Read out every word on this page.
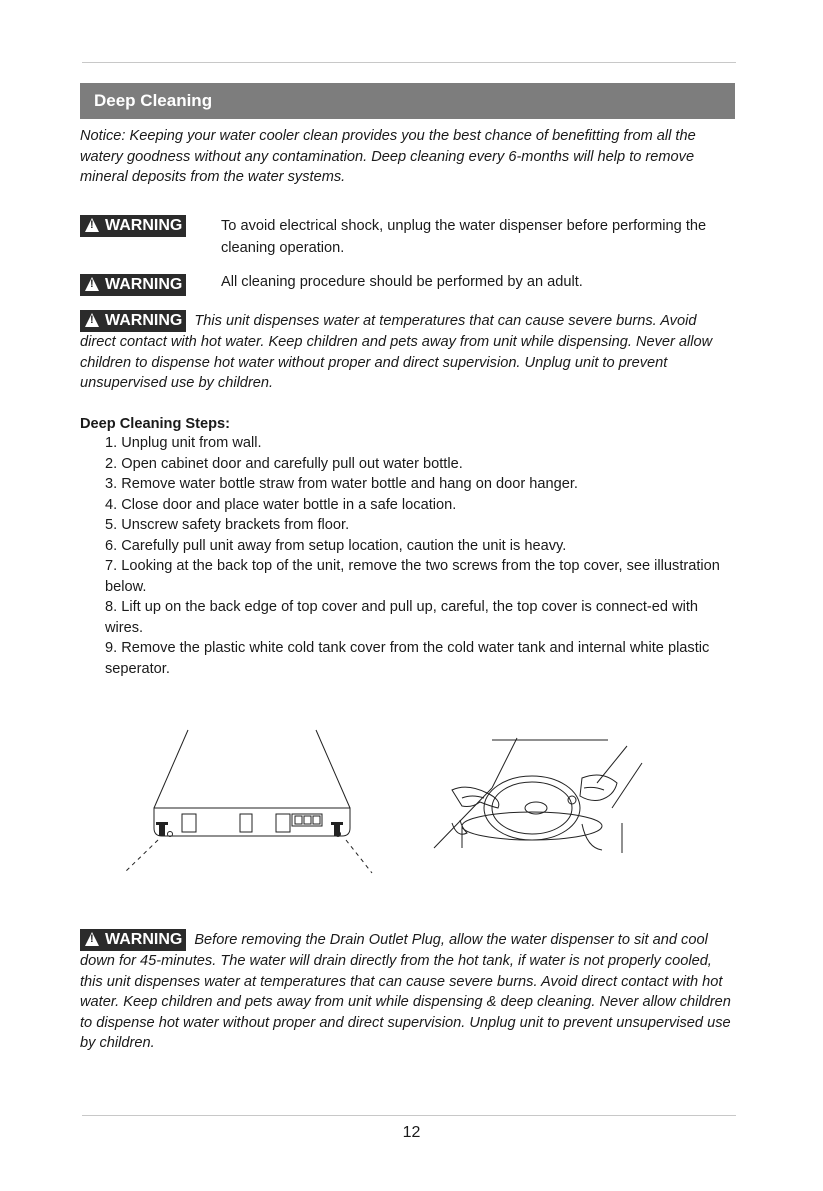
Deep Cleaning

Notice: Keeping your water cooler clean provides you the best chance of benefitting from all the watery goodness without any contamination. Deep cleaning every 6-months will help to remove mineral deposits from the water systems.

!WARNING	To avoid electrical shock, unplug the water dispenser before performing the cleaning operation.

!WARNING	All cleaning procedure should be performed by an adult.

!WARNING This unit dispenses water at temperatures that can cause severe burns. Avoid direct contact with hot water. Keep children and pets away from unit while dispensing. Never allow children to dispense hot water without proper and direct supervision. Unplug unit to prevent unsupervised use by children.

Deep Cleaning Steps:

1. Unplug unit from wall.
2. Open cabinet door and carefully pull out water bottle.
3. Remove water bottle straw from water bottle and hang on door hanger.
4. Close door and place water bottle in a safe location.
5. Unscrew safety brackets from floor.
6. Carefully pull unit away from setup location, caution the unit is heavy.
7. Looking at the back top of the unit, remove the two screws from the top cover, see illustration below.
8. Lift up on the back edge of top cover and pull up, careful, the top cover is connect-ed with wires.
9. Remove the plastic white cold tank cover from the cold water tank and internal white plastic seperator.

!WARNING Before removing the Drain Outlet Plug, allow the water dispenser to sit and cool down for 45-minutes. The water will drain directly from the hot tank, if water is not properly cooled, this unit dispenses water at temperatures that can cause severe burns. Avoid direct contact with hot water. Keep children and pets away from unit while dispensing & deep cleaning. Never allow children to dispense hot water without proper and direct supervision. Unplug unit to prevent unsupervised use by children.

12
